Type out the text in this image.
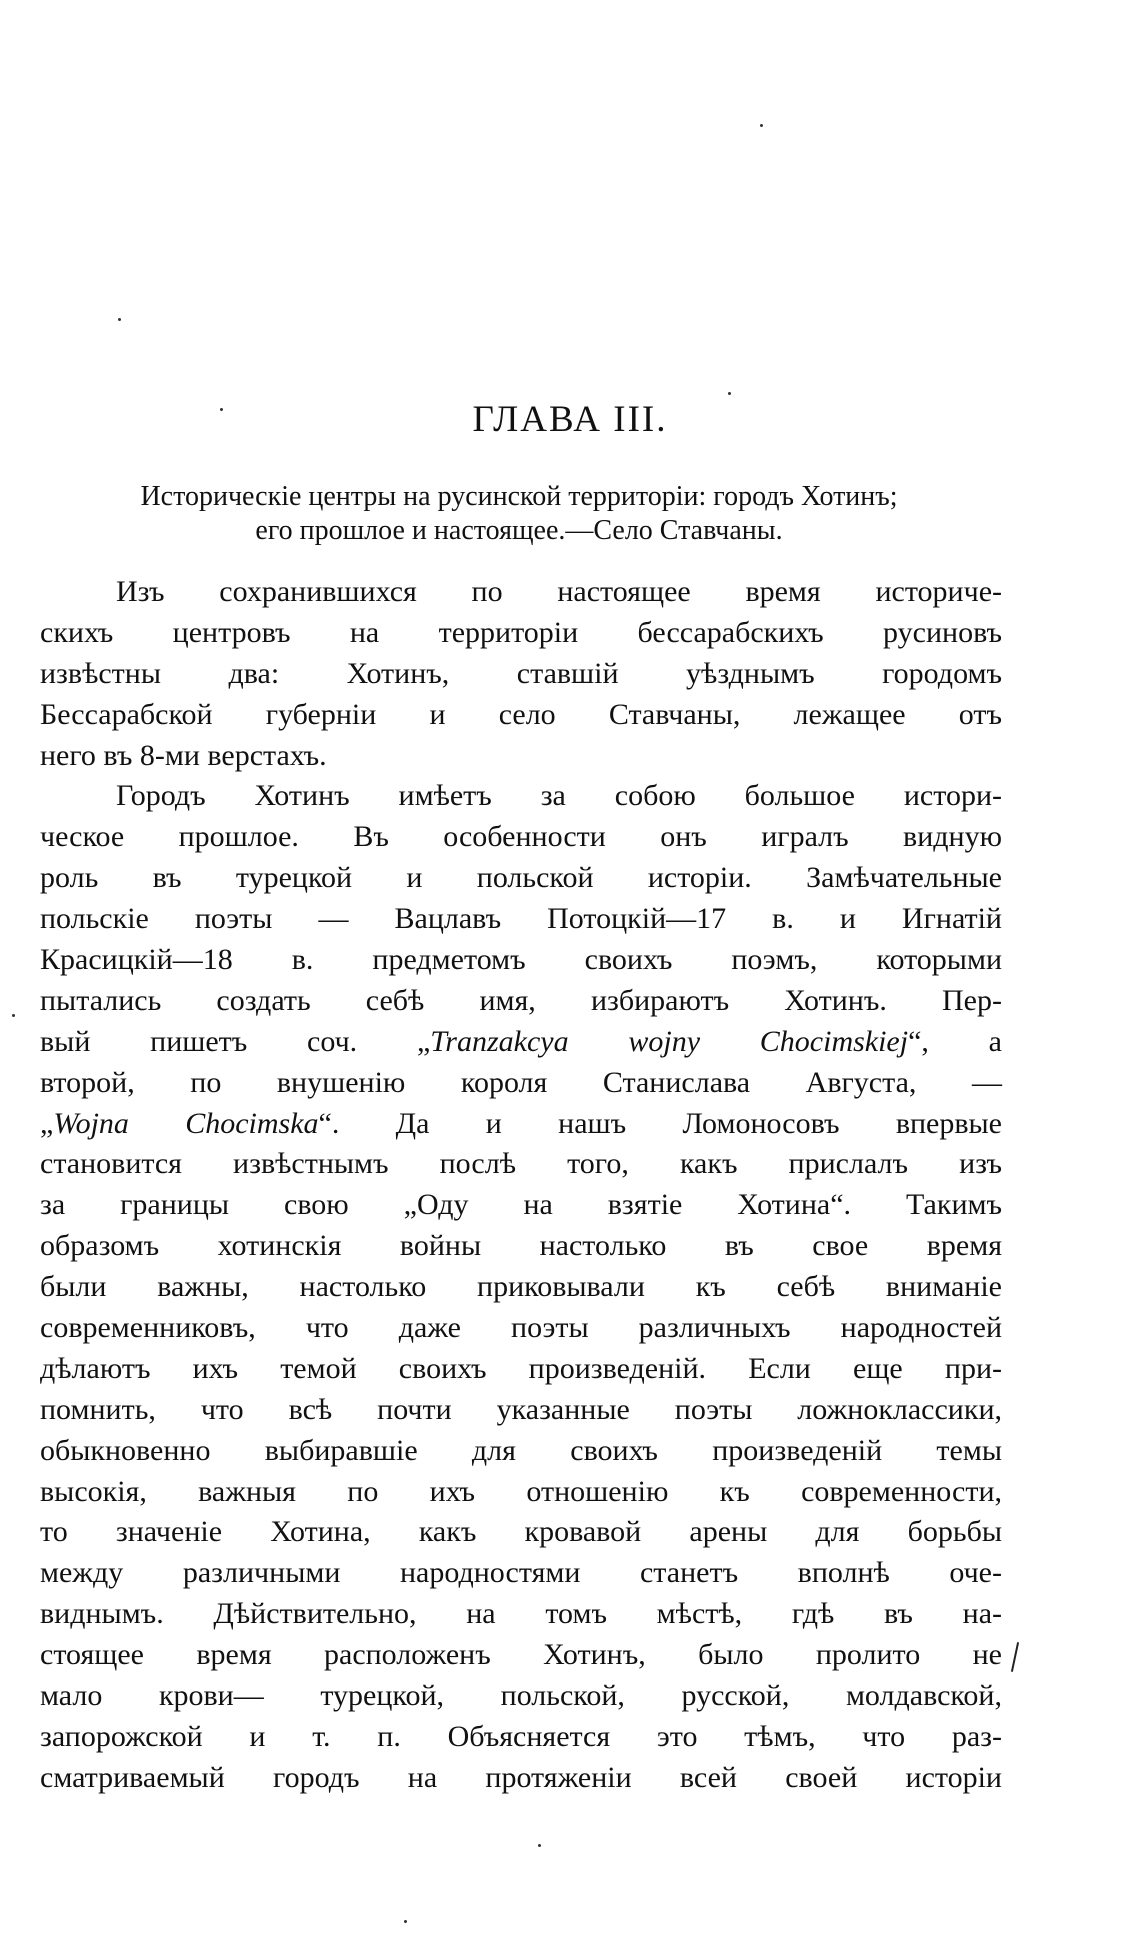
ГЛАВА III.
Историческіе центры на русинской территоріи: городъ Хотинъ;
его прошлое и настоящее.—Село Ставчаны.
Изъ сохранившихся по настоящее время историче-
скихъ центровъ на территоріи бессарабскихъ русиновъ
извѣстны два: Хотинъ, ставшій уѣзднымъ городомъ
Бессарабской губерніи и село Ставчаны, лежащее отъ
него въ 8-ми верстахъ.
Городъ Хотинъ имѣетъ за собою большое истори-
ческое прошлое. Въ особенности онъ игралъ видную
роль въ турецкой и польской исторіи. Замѣчательные
польскіе поэты — Вацлавъ Потоцкій—17 в. и Игнатій
Красицкій—18 в. предметомъ своихъ поэмъ, которыми
пытались создать себѣ имя, избираютъ Хотинъ. Пер-
вый пишетъ соч. „Tranzakcya wojny Chocimskiej“, а
второй, по внушенію короля Станислава Августа, —
„Wojna Chocimska“. Да и нашъ Ломоносовъ впервые
становится извѣстнымъ послѣ того, какъ прислалъ изъ
за границы свою „Оду на взятіе Хотина“. Такимъ
образомъ хотинскія войны настолько въ свое время
были важны, настолько приковывали къ себѣ вниманіе
современниковъ, что даже поэты различныхъ народностей
дѣлаютъ ихъ темой своихъ произведеній. Если еще при-
помнить, что всѣ почти указанные поэты ложноклассики,
обыкновенно выбиравшіе для своихъ произведеній темы
высокія, важныя по ихъ отношенію къ современности,
то значеніе Хотина, какъ кровавой арены для борьбы
между различными народностями станетъ вполнѣ оче-
виднымъ. Дѣйствительно, на томъ мѣстѣ, гдѣ въ на-
стоящее время расположенъ Хотинъ, было пролито не
мало крови— турецкой, польской, русской, молдавской,
запорожской и т. п. Объясняется это тѣмъ, что раз-
сматриваемый городъ на протяженіи всей своей исторіи
